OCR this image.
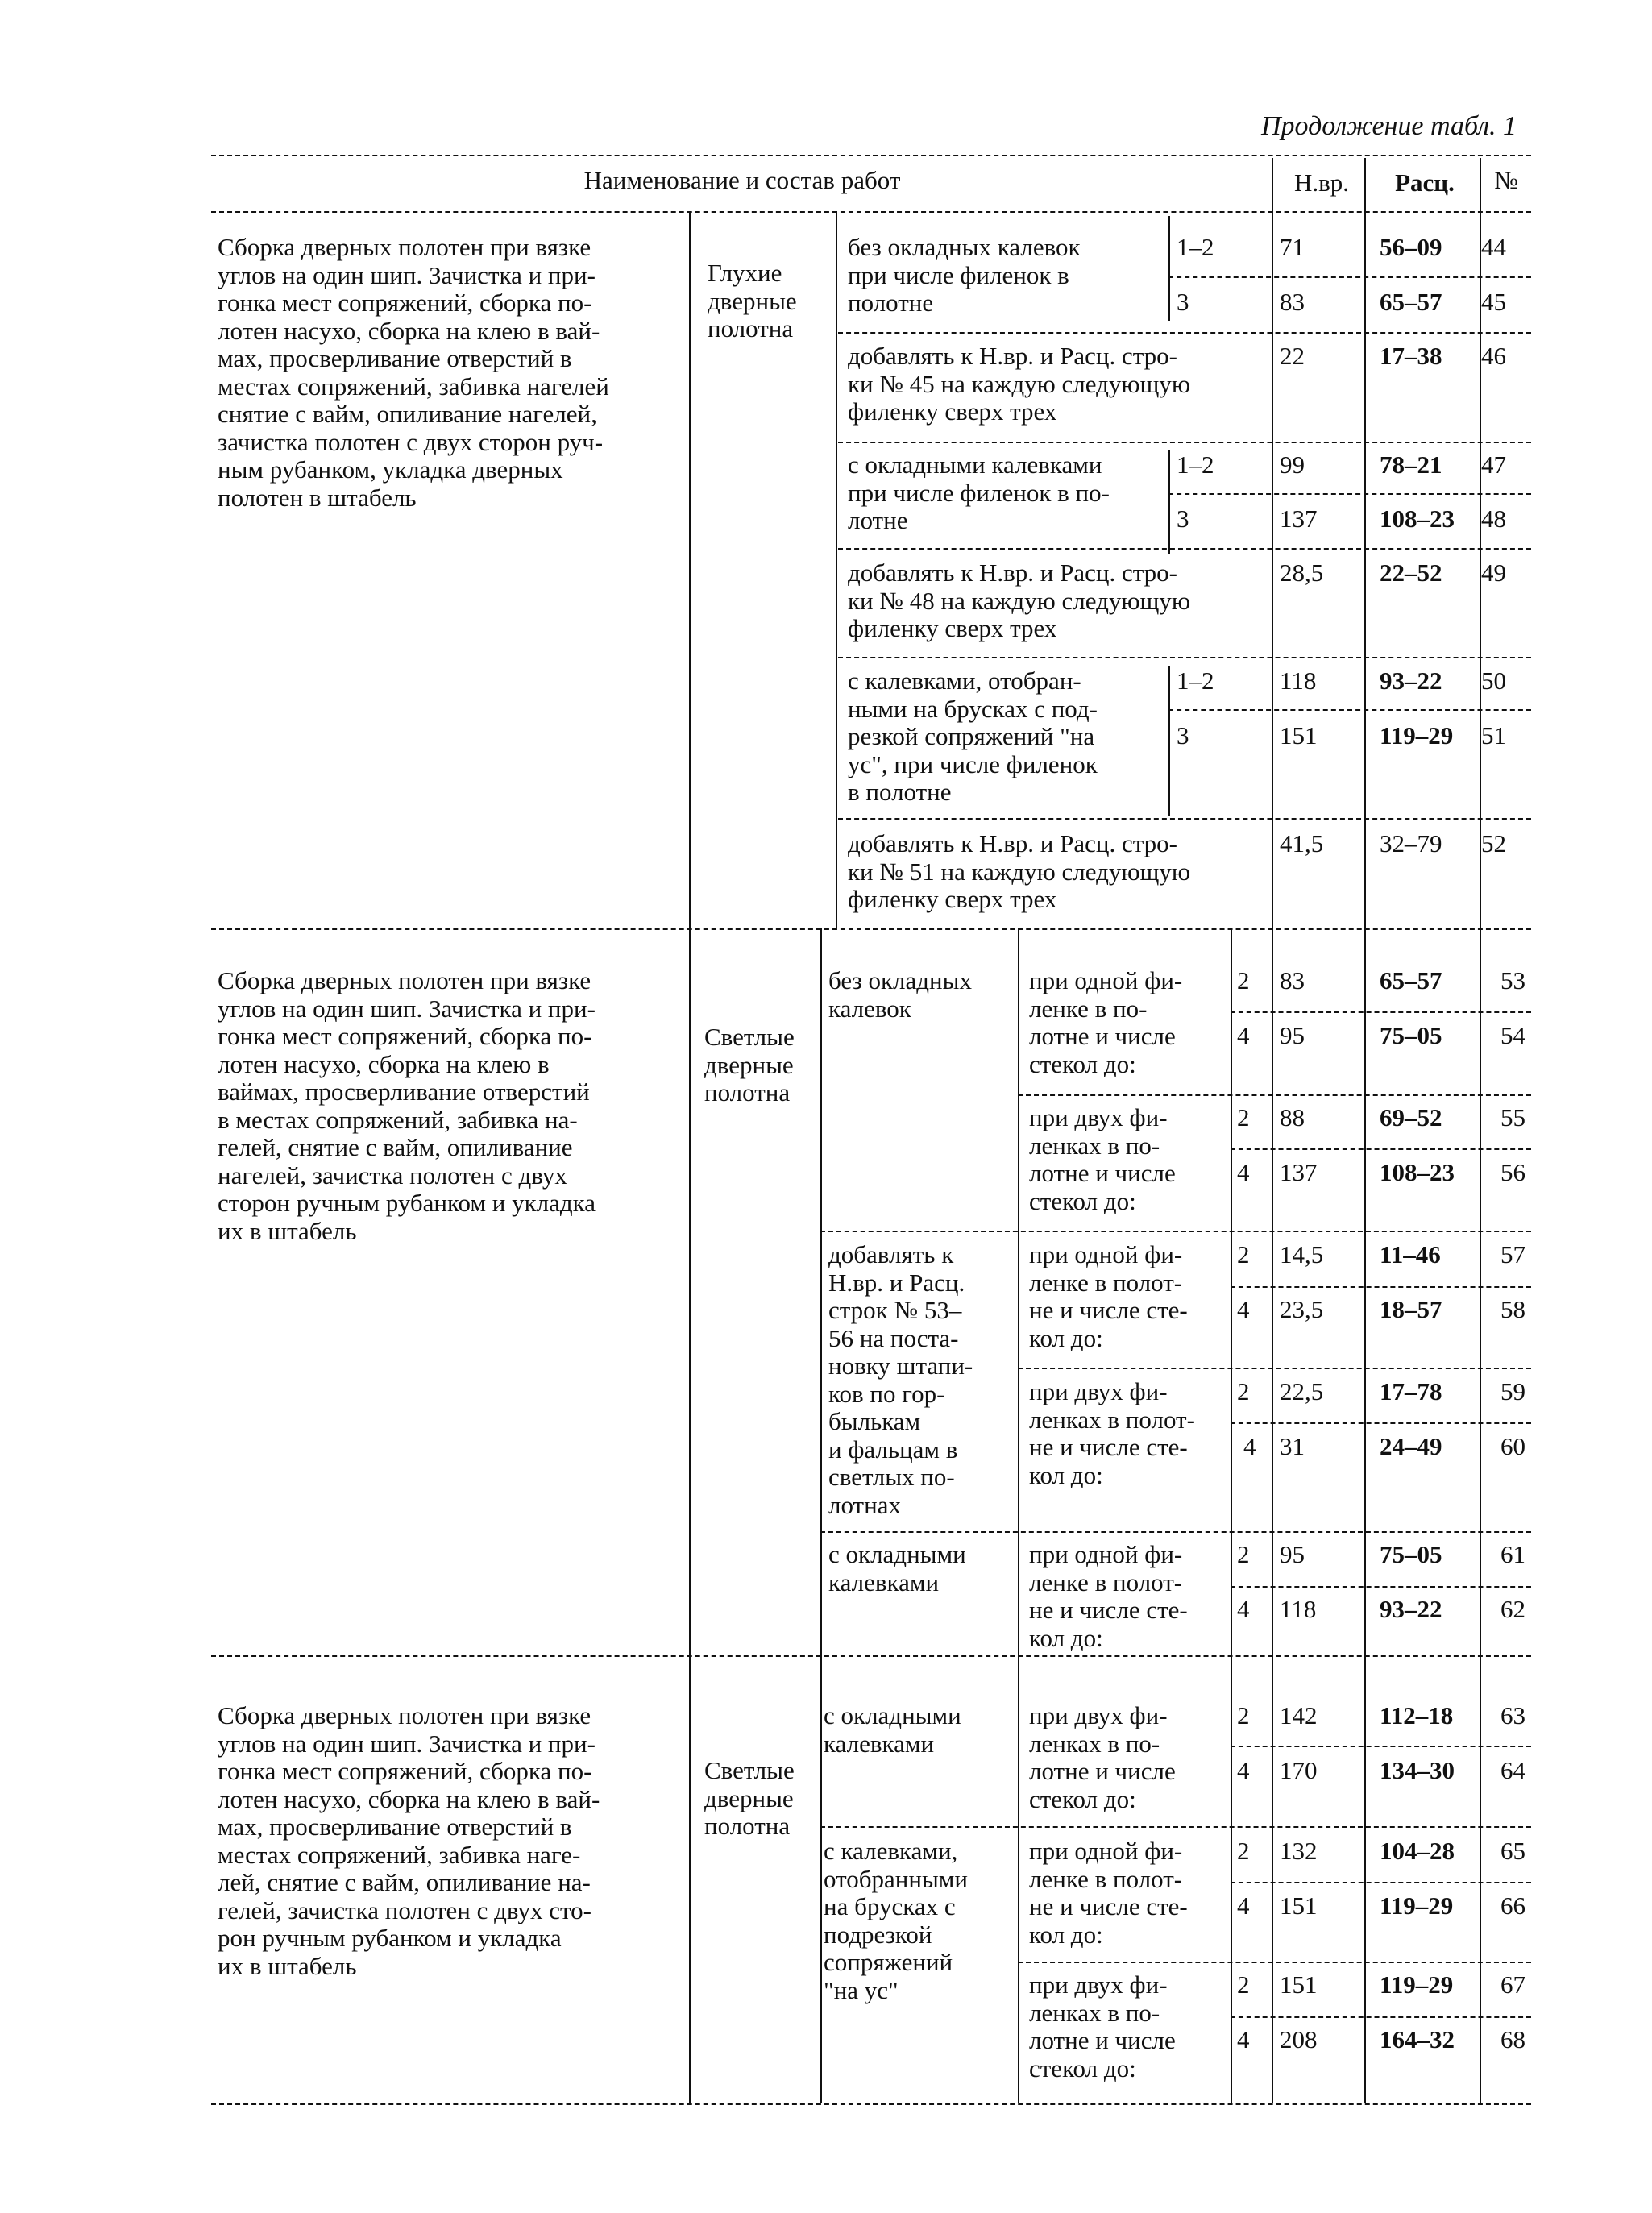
Продолжение табл. 1
Наименование и состав работ	Н.вр.	Расц.	№
Сборка дверных полотен при вязке
углов на один шип. Зачистка и при-
гонка мест сопряжений, сборка по-
лотен насухо, сборка на клею в вай-
мах, просверливание отверстий в
местах сопряжений, забивка нагелей
снятие с вайм, опиливание нагелей,
зачистка полотен с двух сторон руч-
ным рубанком, укладка дверных
полотен в штабель
Глухие
дверные
полотна
без окладных калевок
при числе филенок в
полотне
1–2	71	56–09 44
3	83	65–57 45
добавлять к Н.вр. и Расц. стро-
ки № 45 на каждую следующую
филенку сверх трех
22	17–38 46
с окладными калевками
при числе филенок в по-
лотне
1–2	99	78–21 47
3	137	108–23 48
добавлять к Н.вр. и Расц. стро-
ки № 48 на каждую следующую
филенку сверх трех
28,5 22–52 49
с калевками, отобран-
ными на брусках с под-
резкой сопряжений "на
ус", при числе филенок
в полотне
1–2	118	93–22 50
3	151	119–29 51
добавлять к Н.вр. и Расц. стро-
ки № 51 на каждую следующую
филенку сверх трех
41,5 32–79 52
Сборка дверных полотен при вязке
углов на один шип. Зачистка и при-
гонка мест сопряжений, сборка по-
лотен насухо, сборка на клею в
ваймах, просверливание отверстий
в местах сопряжений, забивка на-
гелей, снятие с вайм, опиливание
нагелей, зачистка полотен с двух
сторон ручным рубанком и укладка
их в штабель
Светлые
дверные
полотна
без окладных
калевок
при одной фи-
ленке в по-
лотне и числе
стекол до:
2 83	65–57 53
4 95	75–05 54
при двух фи-
ленках в по-
лотне и числе
стекол до:
2 88	69–52 55
4 137	108–23 56
добавлять к
Н.вр. и Расц.
строк № 53–
56 на поста-
новку штапи-
ков по гор-
былькам
и фальцам в
светлых по-
лотнах
при одной фи-
ленке в полот-
не и числе сте-
кол до:
2 14,5 11–46 57
4 23,5 18–57 58
при двух фи-
ленках в полот-
не и числе сте-
кол до:
2 22,5 17–78 59
4 31	24–49 60
с окладными
калевками
при одной фи-
ленке в полот-
не и числе сте-
кол до:
2 95	75–05 61
4 118	93–22 62
Сборка дверных полотен при вязке
углов на один шип. Зачистка и при-
гонка мест сопряжений, сборка по-
лотен насухо, сборка на клею в вай-
мах, просверливание отверстий в
местах сопряжений, забивка наге-
лей, снятие с вайм, опиливание на-
гелей, зачистка полотен с двух сто-
рон ручным рубанком и укладка
их в штабель
Светлые
дверные
полотна
с окладными
калевками
при двух фи-
ленках в по-
лотне и числе
стекол до:
2 142	112–18 63
4 170	134–30 64
с калевками,
отобранными
на брусках с
подрезкой
сопряжений
"на ус"
при одной фи-
ленке в полот-
не и числе сте-
кол до:
2 132	104–28 65
4 151	119–29 66
при двух фи-
ленках в по-
лотне и числе
стекол до:
2 151	119–29 67
4 208	164–32 68
